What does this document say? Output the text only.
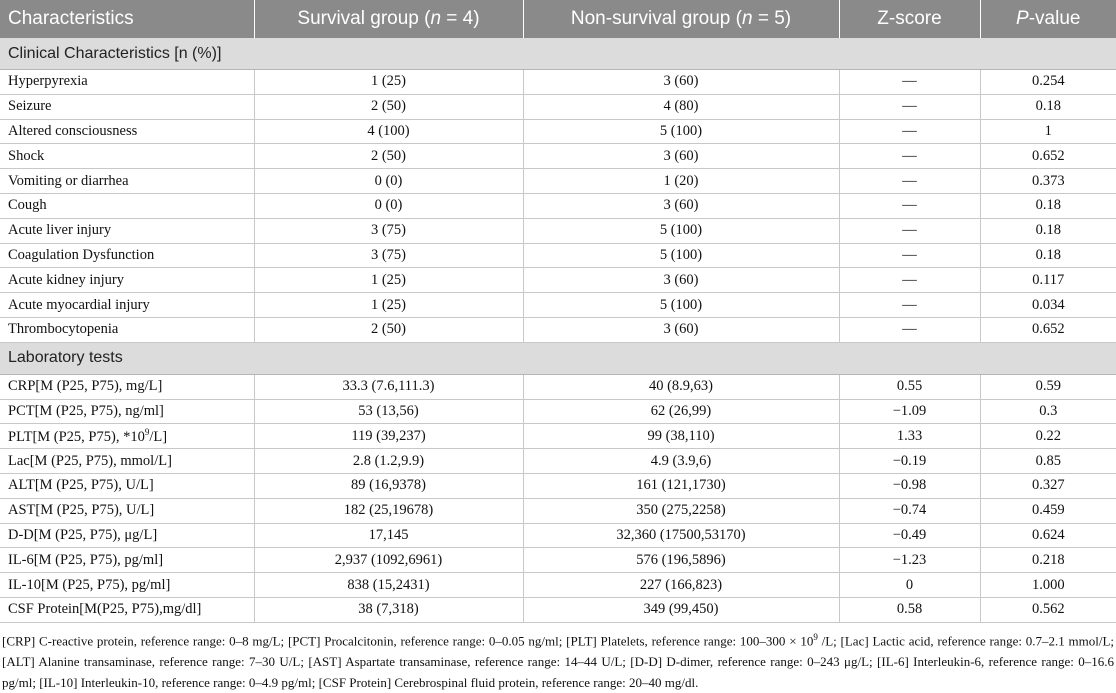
Characteristics	Survival group (n = 4)	Non-survival group (n = 5)	Z-score	P-value
Clinical Characteristics [n (%)]				
Hyperpyrexia	1 (25)	3 (60)	—	0.254
Seizure	2 (50)	4 (80)	—	0.18
Altered consciousness	4 (100)	5 (100)	—	1
Shock	2 (50)	3 (60)	—	0.652
Vomiting or diarrhea	0 (0)	1 (20)	—	0.373
Cough	0 (0)	3 (60)	—	0.18
Acute liver injury	3 (75)	5 (100)	—	0.18
Coagulation Dysfunction	3 (75)	5 (100)	—	0.18
Acute kidney injury	1 (25)	3 (60)	—	0.117
Acute myocardial injury	1 (25)	5 (100)	—	0.034
Thrombocytopenia	2 (50)	3 (60)	—	0.652
Laboratory tests				
CRP[M (P25, P75), mg/L]	33.3 (7.6,111.3)	40 (8.9,63)	0.55	0.59
PCT[M (P25, P75), ng/ml]	53 (13,56)	62 (26,99)	−1.09	0.3
PLT[M (P25, P75), $*10^9/L$]	119 (39,237)	99 (38,110)	1.33	0.22
Lac[M (P25, P75), mmol/L]	2.8 (1.2,9.9)	4.9 (3.9,6)	−0.19	0.85
ALT[M (P25, P75), U/L]	89 (16,9378)	161 (121,1730)	−0.98	0.327
AST[M (P25, P75), U/L]	182 (25,19678)	350 (275,2258)	−0.74	0.459
D-D[M (P25, P75), μg/L]	17,145	32,360 (17500,53170)	−0.49	0.624
IL-6[M (P25, P75), pg/ml]	2,937 (1092,6961)	576 (196,5896)	−1.23	0.218
IL-10[M (P25, P75), pg/ml]	838 (15,2431)	227 (166,823)	0	1.000
CSF Protein[M(P25, P75),mg/dl]	38 (7,318)	349 (99,450)	0.58	0.562
[CRP] C-reactive protein, reference range: 0–8 mg/L; [PCT] Procalcitonin, reference range: 0–0.05 ng/ml; [PLT] Platelets, reference range: $100-300 \times 10^9$ /L; [Lac] Lactic acid, reference range: 0.7–2.1 mmol/L; [ALT] Alanine transaminase, reference range: 7–30 U/L; [AST] Aspartate transaminase, reference range: 14–44 U/L; [D-D] D-dimer, reference range: 0–243 μg/L; [IL-6] Interleukin-6, reference range: 0–16.6 pg/ml; [IL-10] Interleukin-10, reference range: 0–4.9 pg/ml; [CSF Protein] Cerebrospinal fluid protein, reference range: 20–40 mg/dl.
